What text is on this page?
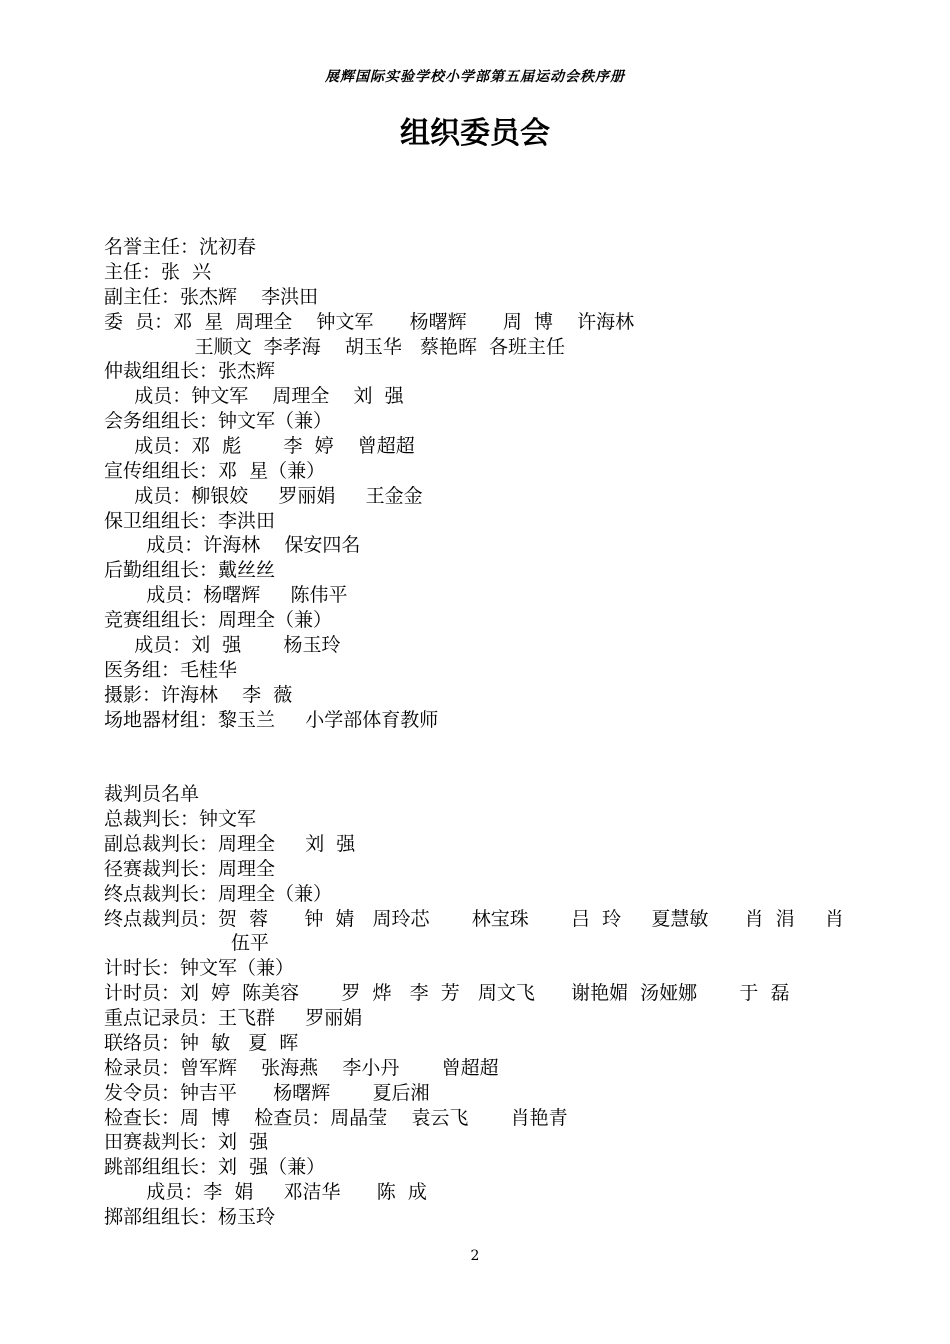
展辉国际实验学校小学部第五届运动会秩序册
组织委员会
名誉主任：沈初春
主任：张  兴
副主任：张杰辉    李洪田
委  员：邓  星  周理全    钟文军      杨曙辉      周  博    许海林
王顺文  李孝海    胡玉华   蔡艳晖  各班主任
仲裁组组长：张杰辉
成员：钟文军    周理全    刘  强
会务组组长：钟文军（兼）
成员：邓  彪       李  婷    曾超超
宣传组组长：邓  星（兼）
成员：柳银姣     罗丽娟     王金金
保卫组组长：李洪田
成员：许海林    保安四名
后勤组组长：戴丝丝
成员：杨曙辉     陈伟平
竞赛组组长：周理全（兼）
成员：刘  强       杨玉玲
医务组：毛桂华
摄影：许海林    李  薇
场地器材组：黎玉兰     小学部体育教师
裁判员名单
总裁判长：钟文军
副总裁判长：周理全     刘  强
径赛裁判长：周理全
终点裁判长：周理全（兼）
终点裁判员：贺  蓉      钟  婧   周玲芯       林宝珠       吕  玲     夏慧敏      肖  涓     肖
伍平
计时长：钟文军（兼）
计时员：刘  婷  陈美容       罗  烨   李  芳   周文飞      谢艳媚  汤娅娜       于  磊
重点记录员：王飞群     罗丽娟
联络员：钟  敏   夏  晖
检录员：曾军辉    张海燕    李小丹       曾超超
发令员：钟吉平      杨曙辉       夏后湘
检查长：周  博    检查员：周晶莹    袁云飞       肖艳青
田赛裁判长：刘  强
跳部组组长：刘  强（兼）
成员：李  娟     邓洁华      陈  成
掷部组组长：杨玉玲
2
